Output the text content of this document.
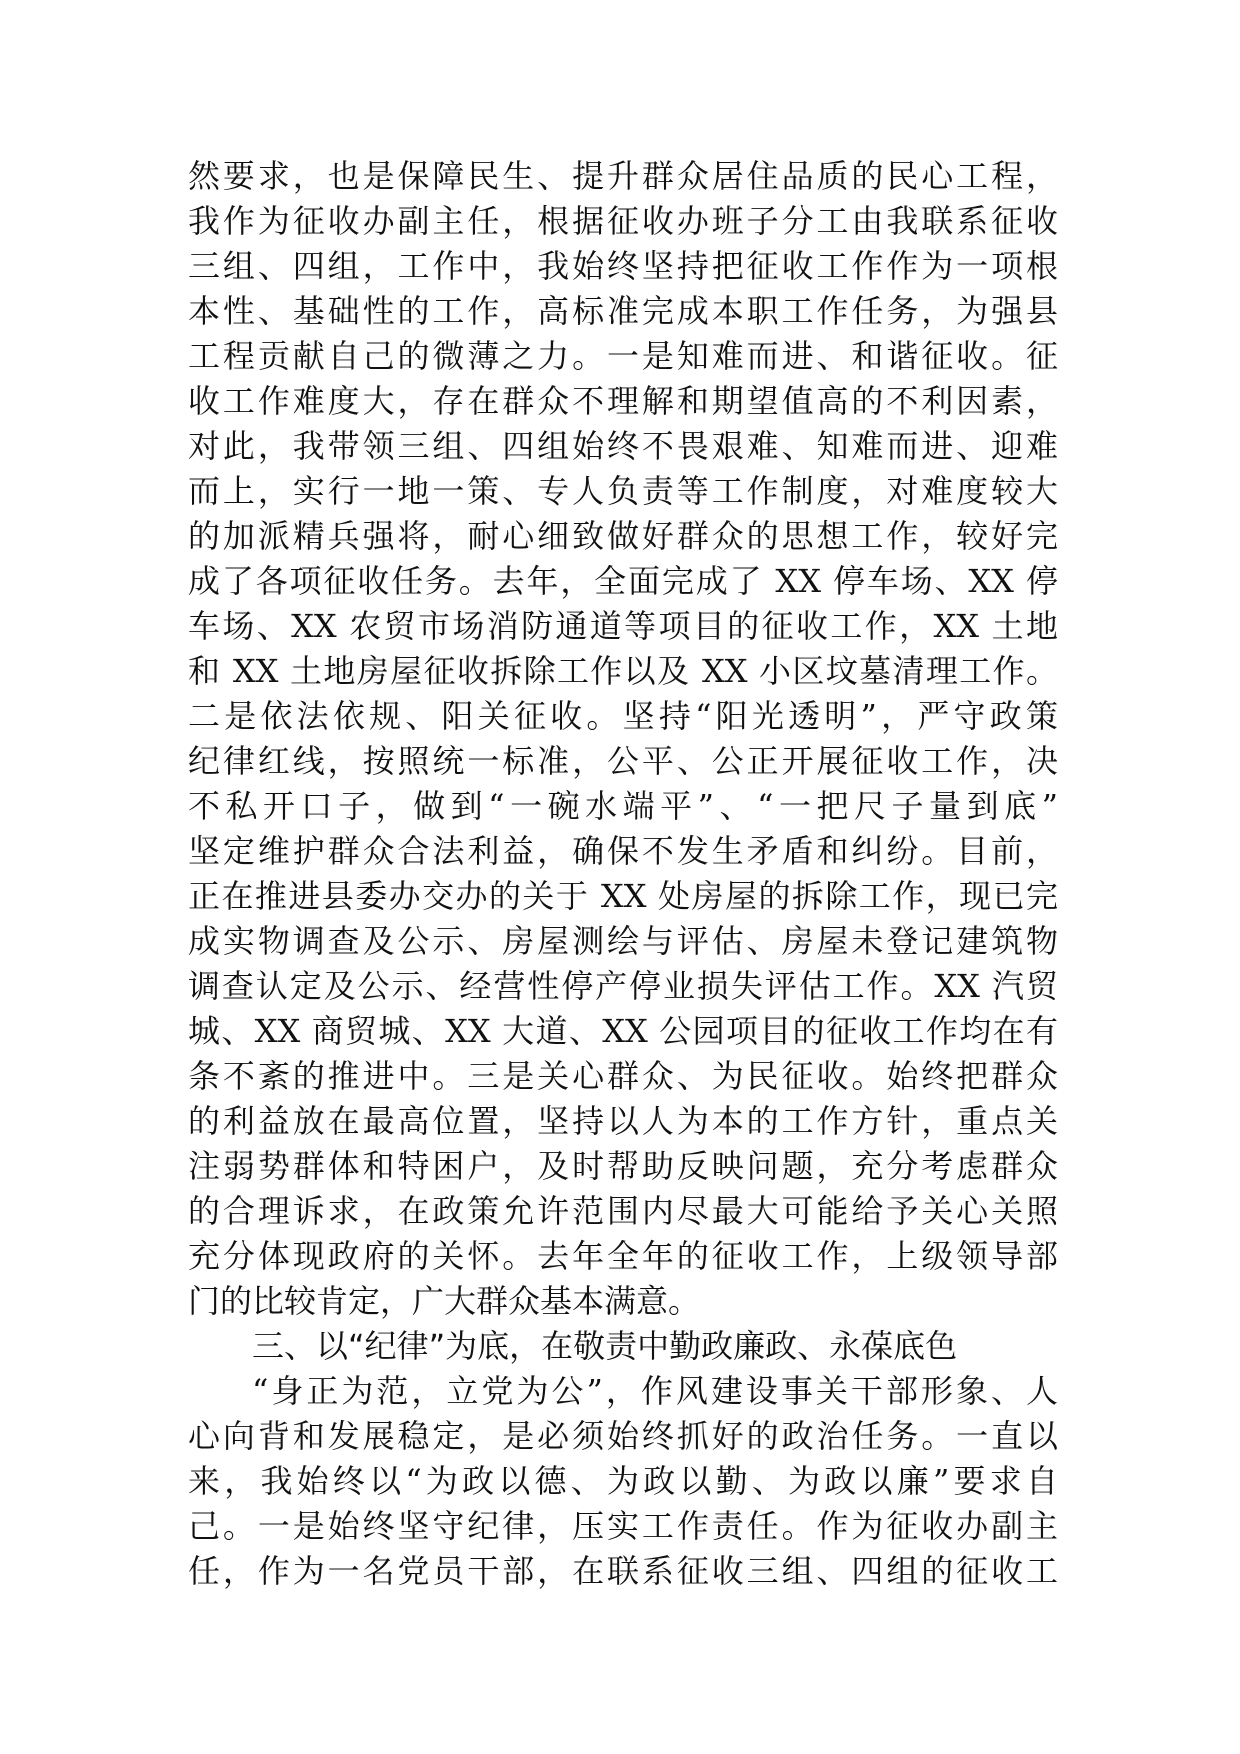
然要求，也是保障民生、提升群众居住品质的民心工程，
我作为征收办副主任，根据征收办班子分工由我联系征收
三组、四组，工作中，我始终坚持把征收工作作为一项根
本性、基础性的工作，高标准完成本职工作任务，为强县
工程贡献自己的微薄之力。一是知难而进、和谐征收。征
收工作难度大，存在群众不理解和期望值高的不利因素，
对此，我带领三组、四组始终不畏艰难、知难而进、迎难
而上，实行一地一策、专人负责等工作制度，对难度较大
的加派精兵强将，耐心细致做好群众的思想工作，较好完
成了各项征收任务。去年，全面完成了 XX 停车场、XX 停
车场、XX 农贸市场消防通道等项目的征收工作，XX 土地
和 XX 土地房屋征收拆除工作以及 XX 小区坟墓清理工作。
二是依法依规、阳关征收。坚持“阳光透明”，严守政策
纪律红线，按照统一标准，公平、公正开展征收工作，决
不私开口子，做到“一碗水端平”、“一把尺子量到底”
坚定维护群众合法利益，确保不发生矛盾和纠纷。目前，
正在推进县委办交办的关于 XX 处房屋的拆除工作，现已完
成实物调查及公示、房屋测绘与评估、房屋未登记建筑物
调查认定及公示、经营性停产停业损失评估工作。XX 汽贸
城、XX 商贸城、XX 大道、XX 公园项目的征收工作均在有
条不紊的推进中。三是关心群众、为民征收。始终把群众
的利益放在最高位置，坚持以人为本的工作方针，重点关
注弱势群体和特困户，及时帮助反映问题，充分考虑群众
的合理诉求，在政策允许范围内尽最大可能给予关心关照
充分体现政府的关怀。去年全年的征收工作，上级领导部
门的比较肯定，广大群众基本满意。
三、以“纪律”为底，在敬责中勤政廉政、永葆底色
“身正为范，立党为公”，作风建设事关干部形象、人
心向背和发展稳定，是必须始终抓好的政治任务。一直以
来，我始终以“为政以德、为政以勤、为政以廉”要求自
己。一是始终坚守纪律，压实工作责任。作为征收办副主
任，作为一名党员干部，在联系征收三组、四组的征收工
